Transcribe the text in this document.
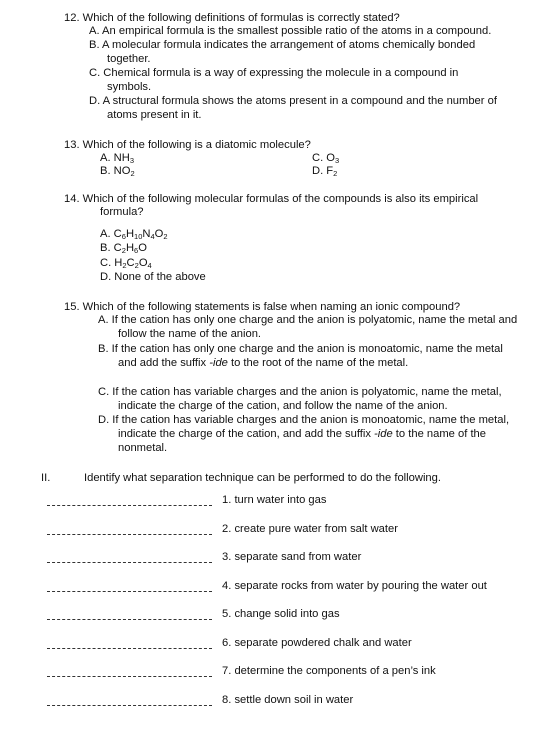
12. Which of the following definitions of formulas is correctly stated?
A. An empirical formula is the smallest possible ratio of the atoms in a compound.
B. A molecular formula indicates the arrangement of atoms chemically bonded
together.
C. Chemical formula is a way of expressing the molecule in a compound in
symbols.
D. A structural formula shows the atoms present in a compound and the number of
atoms present in it.
13. Which of the following is a diatomic molecule?
A. $NH_3$
B. $NO_2$
C. $O_3$
D. $F_2$
14. Which of the following molecular formulas of the compounds is also its empirical
formula?
A. $C_6H_{10}N_4O_2$
B. $C_2H_6O$
C. $H_2C_2O_4$
D. None of the above
15. Which of the following statements is false when naming an ionic compound?
A. If the cation has only one charge and the anion is polyatomic, name the metal and
follow the name of the anion.
B. If the cation has only one charge and the anion is monoatomic, name the metal
and add the suffix -ide to the root of the name of the metal.
C. If the cation has variable charges and the anion is polyatomic, name the metal,
indicate the charge of the cation, and follow the name of the anion.
D. If the cation has variable charges and the anion is monoatomic, name the metal,
indicate the charge of the cation, and add the suffix -ide to the name of the
nonmetal.
II.	Identify what separation technique can be performed to do the following.
1. turn water into gas
2. create pure water from salt water
3. separate sand from water
4. separate rocks from water by pouring the water out
5. change solid into gas
6. separate powdered chalk and water
7. determine the components of a pen’s ink
8. settle down soil in water
